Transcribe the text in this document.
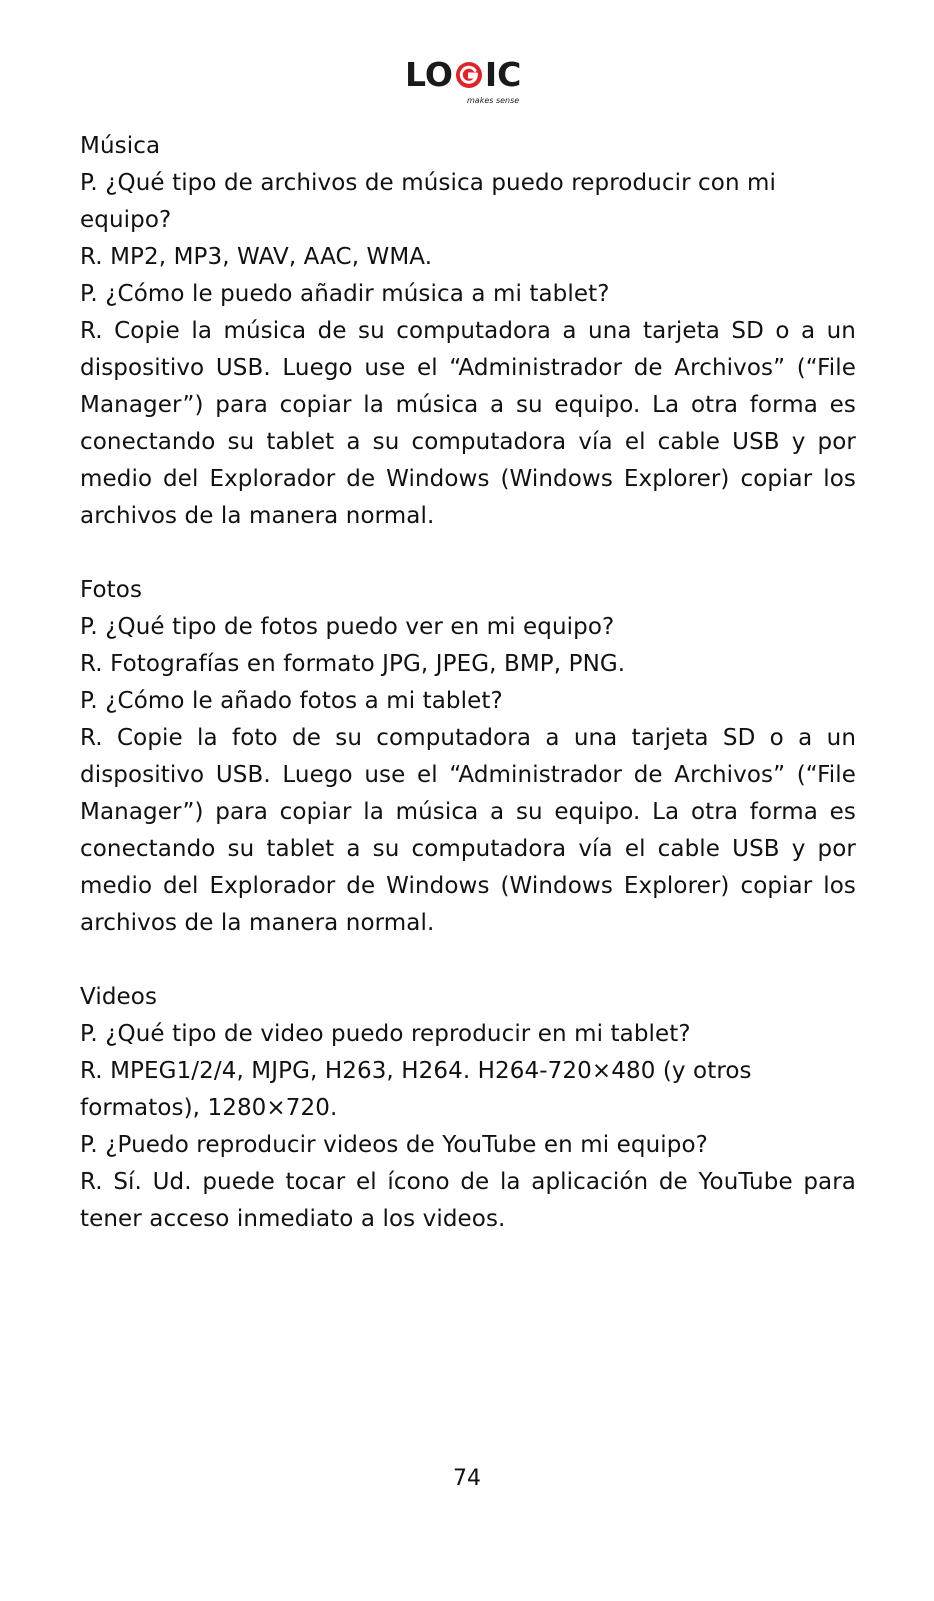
LO IC
makes sense
Música

P. ¿Qué tipo de archivos de música puedo reproducir con mi equipo?

R. MP2, MP3, WAV, AAC, WMA.

P. ¿Cómo le puedo añadir música a mi tablet?

R. Copie la música de su computadora a una tarjeta SD o a un dispositivo USB. Luego use el “Administrador de Archivos” (“File Manager”) para copiar la música a su equipo. La otra forma es conectando su tablet a su computadora vía el cable USB y por medio del Explorador de Windows (Windows Explorer) copiar los archivos de la manera normal.

Fotos

P. ¿Qué tipo de fotos puedo ver en mi equipo?

R. Fotografías en formato JPG, JPEG, BMP, PNG.

P. ¿Cómo le añado fotos a mi tablet?

R. Copie la foto de su computadora a una tarjeta SD o a un dispositivo USB. Luego use el “Administrador de Archivos” (“File Manager”) para copiar la música a su equipo. La otra forma es conectando su tablet a su computadora vía el cable USB y por medio del Explorador de Windows (Windows Explorer) copiar los archivos de la manera normal.

Videos

P. ¿Qué tipo de video puedo reproducir en mi tablet?

R. MPEG1/2/4, MJPG, H263, H264. H264-720×480 (y otros formatos), 1280×720.

P. ¿Puedo reproducir videos de YouTube en mi equipo?

R. Sí. Ud. puede tocar el ícono de la aplicación de YouTube para tener acceso inmediato a los videos.

74
